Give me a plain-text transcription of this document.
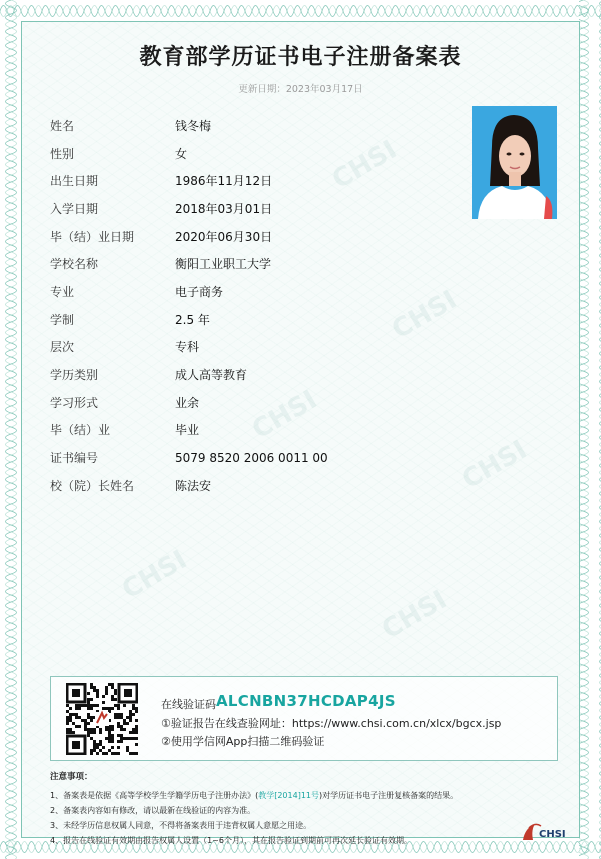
教育部学历证书电子注册备案表
更新日期：2023年03月17日
姓名	钱冬梅
性别	女
出生日期	1986年11月12日
入学日期	2018年03月01日
毕（结）业日期	2020年06月30日
学校名称	衡阳工业职工大学
专业	电子商务
学制	2.5 年
层次	专科
学历类别	成人高等教育
学习形式	业余
毕（结）业	毕业
证书编号	5079 8520 2006 0011 00
校（院）长姓名	陈法安
在线验证码 ALCNBN37HCDAP4JS
①验证报告在线查验网址：https://www.chsi.com.cn/xlcx/bgcx.jsp
②使用学信网App扫描二维码验证
注意事项：
1、备案表是依据《高等学校学生学籍学历电子注册办法》(教学[2014]11号)对学历证书电子注册复核备案的结果。
2、备案表内容如有修改，请以最新在线验证的内容为准。
3、未经学历信息权属人同意，不得将备案表用于违背权属人意愿之用途。
4、报告在线验证有效期由报告权属人设置（1~6个月），其在报告验证到期前可再次延长验证有效期。
CHSI
